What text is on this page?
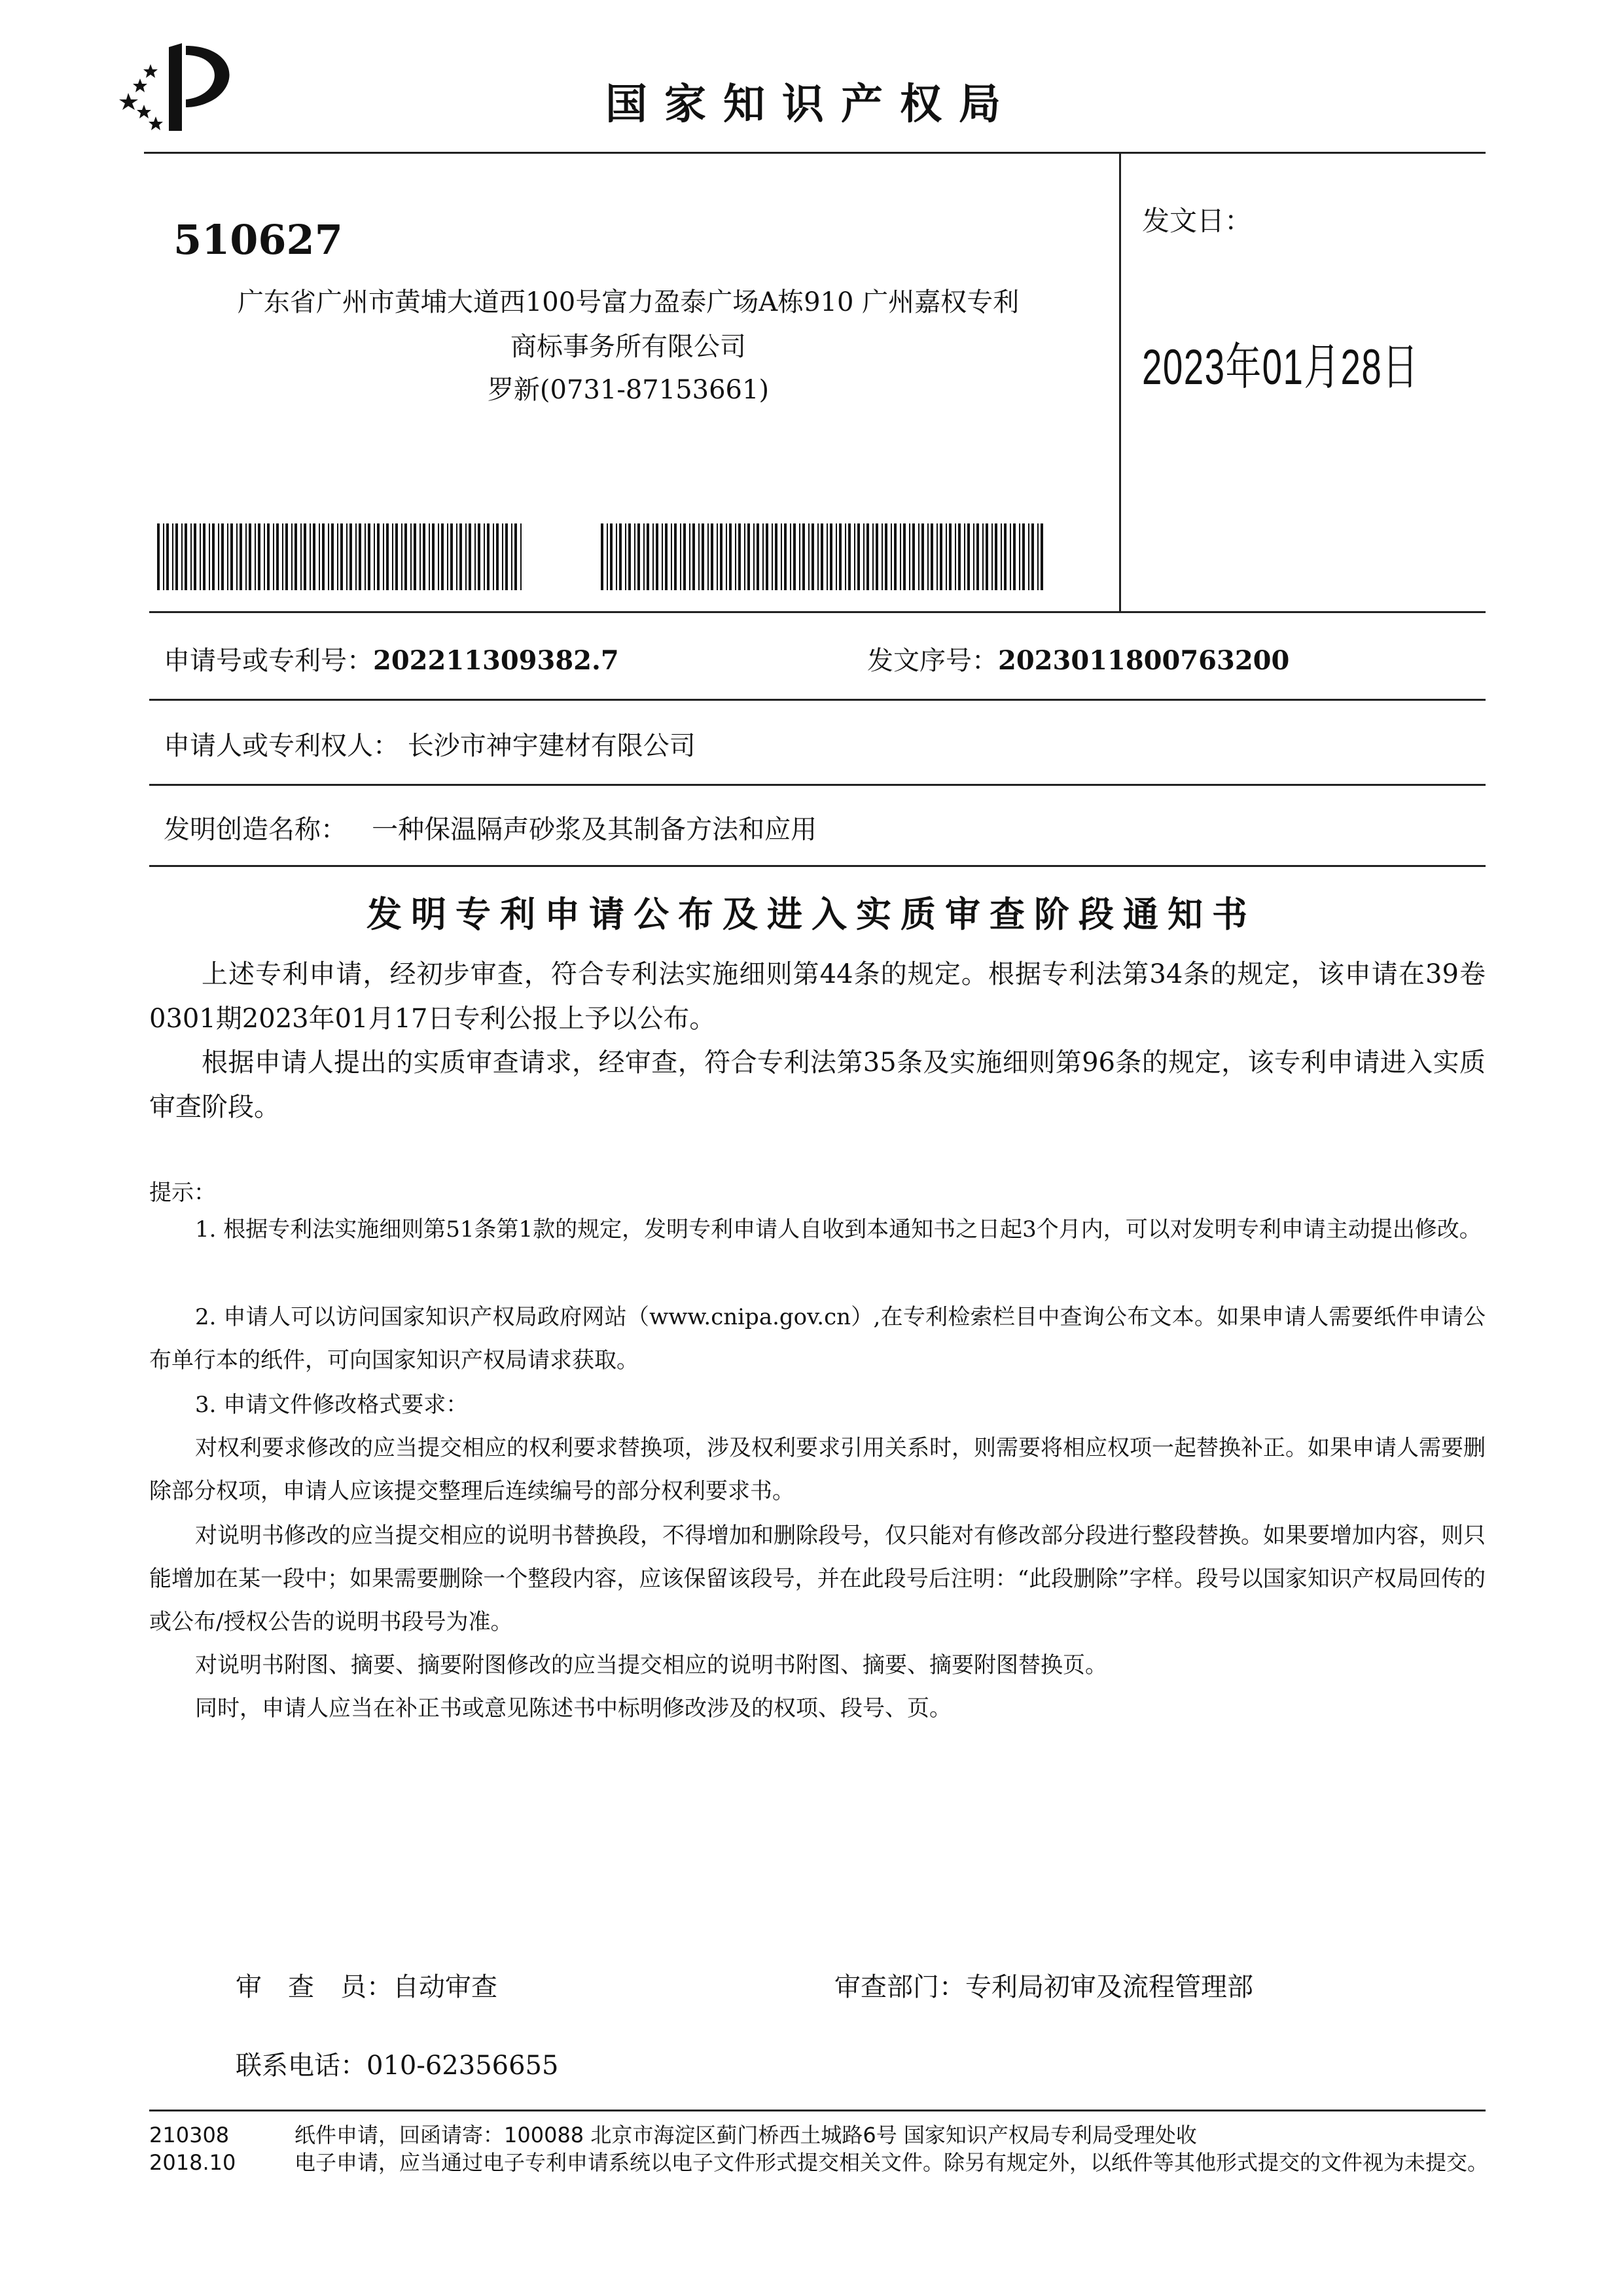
国家知识产权局
510627
广东省广州市黄埔大道西100号富力盈泰广场A栋910 广州嘉权专利
商标事务所有限公司
罗新(0731-87153661)
发文日：
2023年01月28日
申请号或专利号：202211309382.7	发文序号：2023011800763200
申请人或专利权人： 长沙市神宇建材有限公司
发明创造名称： 一种保温隔声砂浆及其制备方法和应用
发明专利申请公布及进入实质审查阶段通知书
上述专利申请，经初步审查，符合专利法实施细则第44条的规定。根据专利法第34条的规定，该申请在39卷0301期2023年01月17日专利公报上予以公布。
根据申请人提出的实质审查请求，经审查，符合专利法第35条及实施细则第96条的规定，该专利申请进入实质审查阶段。
提示：
1. 根据专利法实施细则第51条第1款的规定，发明专利申请人自收到本通知书之日起3个月内，可以对发明专利申请主动提出修改。
2. 申请人可以访问国家知识产权局政府网站（www.cnipa.gov.cn）,在专利检索栏目中查询公布文本。如果申请人需要纸件申请公布单行本的纸件，可向国家知识产权局请求获取。
3. 申请文件修改格式要求：
对权利要求修改的应当提交相应的权利要求替换项，涉及权利要求引用关系时，则需要将相应权项一起替换补正。如果申请人需要删除部分权项，申请人应该提交整理后连续编号的部分权利要求书。
对说明书修改的应当提交相应的说明书替换段，不得增加和删除段号，仅只能对有修改部分段进行整段替换。如果要增加内容，则只能增加在某一段中；如果需要删除一个整段内容，应该保留该段号，并在此段号后注明：“此段删除”字样。段号以国家知识产权局回传的或公布/授权公告的说明书段号为准。
对说明书附图、摘要、摘要附图修改的应当提交相应的说明书附图、摘要、摘要附图替换页。
同时，申请人应当在补正书或意见陈述书中标明修改涉及的权项、段号、页。
审　查　员：自动审查	审查部门：专利局初审及流程管理部
联系电话：010-62356655
210308
2018.10
纸件申请，回函请寄：100088 北京市海淀区蓟门桥西土城路6号 国家知识产权局专利局受理处收
电子申请，应当通过电子专利申请系统以电子文件形式提交相关文件。除另有规定外，以纸件等其他形式提交的文件视为未提交。
